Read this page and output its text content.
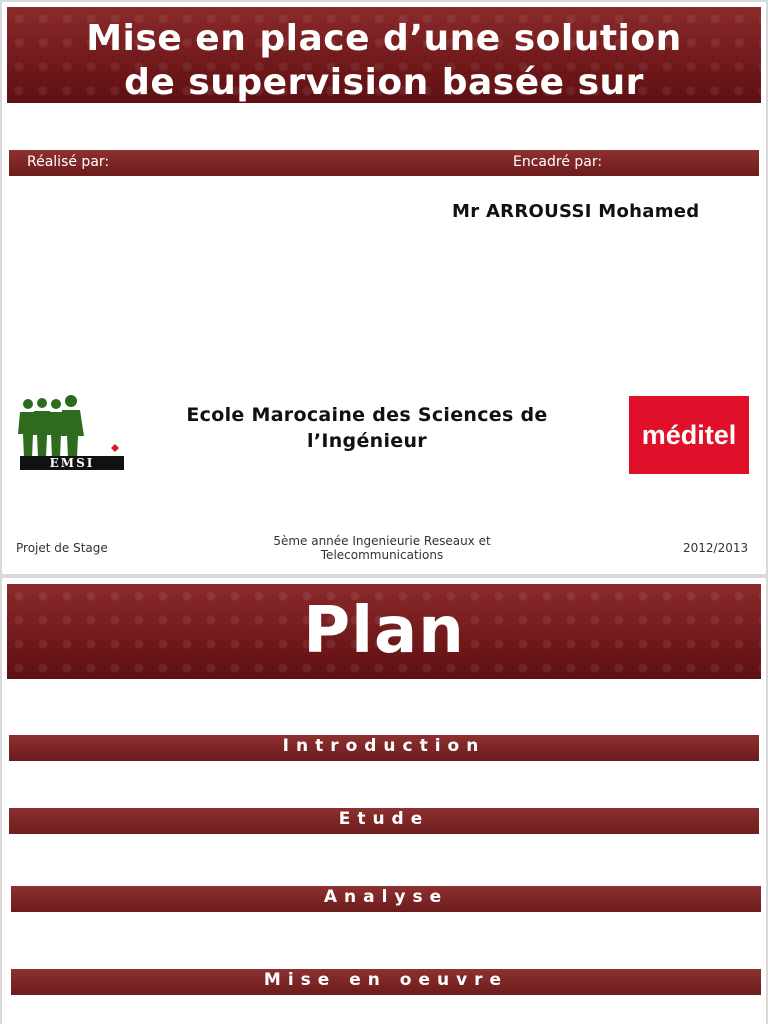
Mise en place d’une solution
de supervision basée sur
Réalisé par:	Encadré par:
Mr ARROUSSI Mohamed
EMSI
Ecole Marocaine des Sciences de
l’Ingénieur	méditel
Projet de Stage	5ème année Ingenieurie Reseaux et
Telecommunications	2012/2013
Plan
Introduction
Etude
Analyse
Mise en oeuvre
